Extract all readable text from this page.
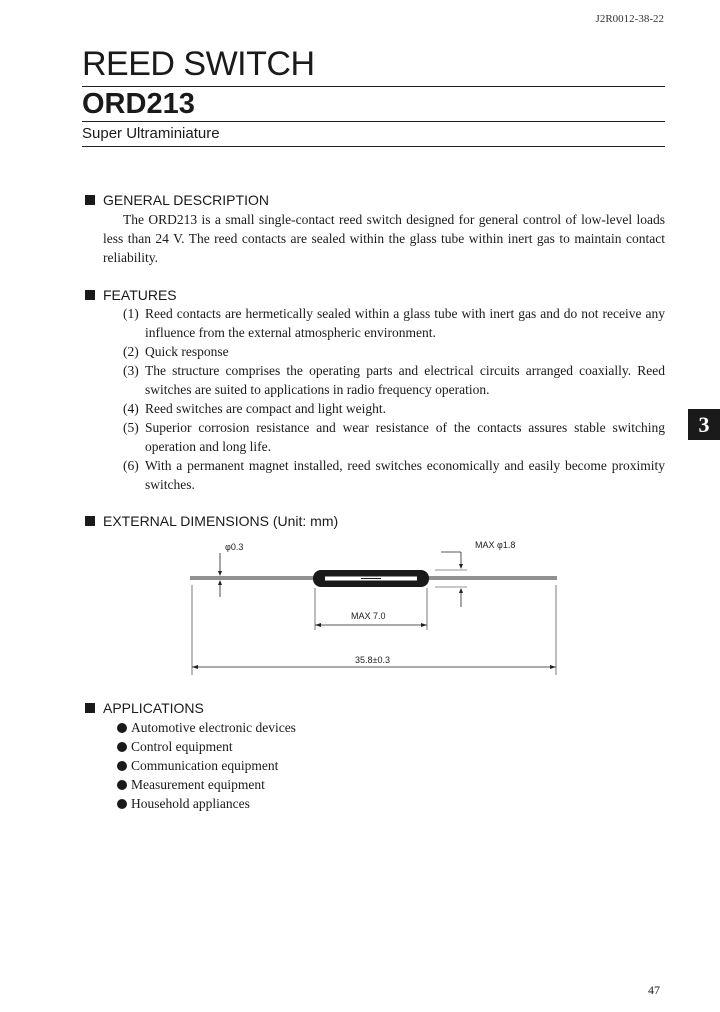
J2R0012-38-22
REED SWITCH
ORD213
Super Ultraminiature
GENERAL DESCRIPTION
The ORD213 is a small single-contact reed switch designed for general control of low-level loads less than 24 V. The reed contacts are sealed within the glass tube within inert gas to maintain contact reliability.
FEATURES
(1) Reed contacts are hermetically sealed within a glass tube with inert gas and do not receive any influence from the external atmospheric environment.
(2) Quick response
(3) The structure comprises the operating parts and electrical circuits arranged coaxially. Reed switches are suited to applications in radio frequency operation.
(4) Reed switches are compact and light weight.
(5) Superior corrosion resistance and wear resistance of the contacts assures stable switching operation and long life.
(6) With a permanent magnet installed, reed switches economically and easily become proximity switches.
3
EXTERNAL DIMENSIONS (Unit: mm)
φ0.3	MAX φ1.8
MAX 7.0
35.8±0.3
APPLICATIONS
Automotive electronic devices
Control equipment
Communication equipment
Measurement equipment
Household appliances
47
